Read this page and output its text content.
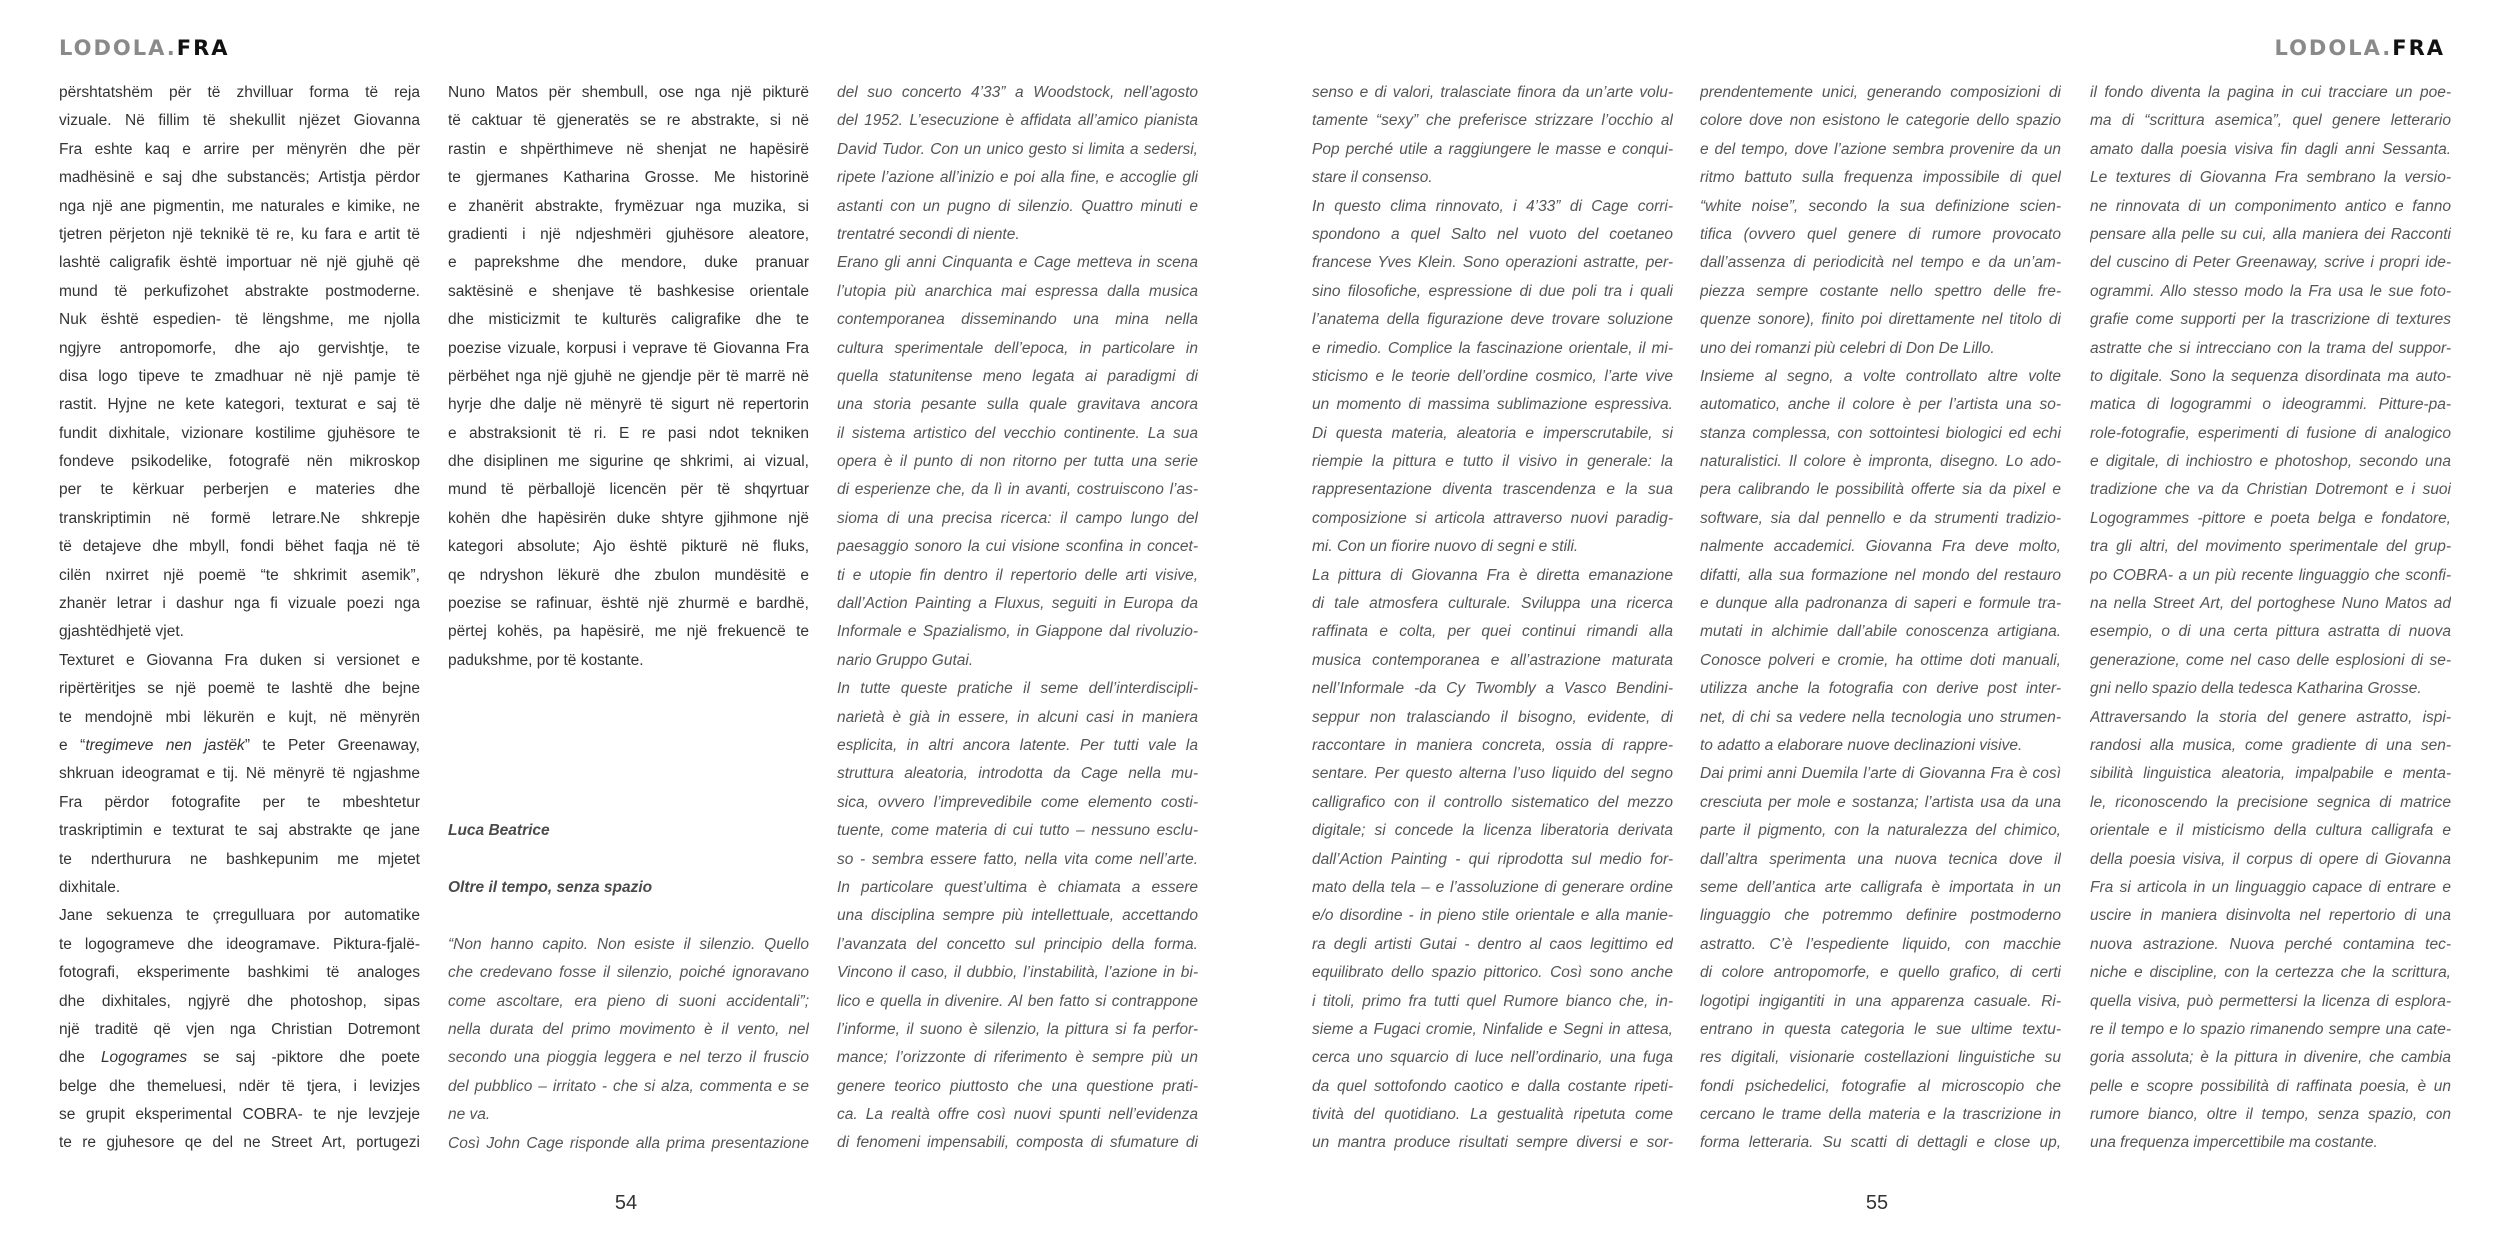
LODOLA.FRA	LODOLA.FRA
përshtatshëm për të zhvilluar forma të reja
vizuale. Në fillim të shekullit njëzet Giovanna
Fra eshte kaq e arrire per mënyrën dhe për
madhësinë e saj dhe substancës; Artistja përdor
nga një ane pigmentin, me naturales e kimike, ne
tjetren përjeton një teknikë të re, ku fara e artit të
lashtë caligrafik është importuar në një gjuhë që
mund të perkufizohet abstrakte postmoderne.
Nuk është espedien- të lëngshme, me njolla
ngjyre antropomorfe, dhe ajo gervishtje, te
disa logo tipeve te zmadhuar në një pamje të
rastit. Hyjne ne kete kategori, texturat e saj të
fundit dixhitale, vizionare kostilime gjuhësore te
fondeve psikodelike, fotografë nën mikroskop
per te kërkuar perberjen e materies dhe
transkriptimin në formë letrare.Ne shkrepje
të detajeve dhe mbyll, fondi bëhet faqja në të
cilën nxirret një poemë “te shkrimit asemik”,
zhanër letrar i dashur nga fi vizuale poezi nga
gjashtëdhjetë vjet.
Texturet e Giovanna Fra duken si versionet e
ripërtëritjes se një poemë te lashtë dhe bejne
te mendojnë mbi lëkurën e kujt, në mënyrën
e “tregimeve nen jastëk” te Peter Greenaway,
shkruan ideogramat e tij. Në mënyrë të ngjashme
Fra përdor fotografite per te mbeshtetur
traskriptimin e texturat te saj abstrakte qe jane
te nderthurura ne bashkepunim me mjetet
dixhitale.
Jane sekuenza te çrregulluara por automatike
te logogrameve dhe ideogramave. Piktura-fjalë-
fotografi, eksperimente bashkimi të analoges
dhe dixhitales, ngjyrë dhe photoshop, sipas
një traditë që vjen nga Christian Dotremont
dhe Logogrames se saj -piktore dhe poete
belge dhe themeluesi, ndër të tjera, i levizjes
se grupit eksperimental COBRA- te nje levzjeje
te re gjuhesore qe del ne Street Art, portugezi
Nuno Matos për shembull, ose nga një pikturë
të caktuar të gjeneratës se re abstrakte, si në
rastin e shpërthimeve në shenjat ne hapësirë
te gjermanes Katharina Grosse. Me historinë
e zhanërit abstrakte, frymëzuar nga muzika, si
gradienti i një ndjeshmëri gjuhësore aleatore,
e paprekshme dhe mendore, duke pranuar
saktësinë e shenjave të bashkesise orientale
dhe misticizmit te kulturës caligrafike dhe te
poezise vizuale, korpusi i veprave të Giovanna Fra
përbëhet nga një gjuhë ne gjendje për të marrë në
hyrje dhe dalje në mënyrë të sigurt në repertorin
e abstraksionit të ri. E re pasi ndot tekniken
dhe disiplinen me sigurine qe shkrimi, ai vizual,
mund të përballojë licencën për të shqyrtuar
kohën dhe hapësirën duke shtyre gjihmone një
kategori absolute; Ajo është pikturë në fluks,
qe ndryshon lëkurë dhe zbulon mundësitë e
poezise se rafinuar, është një zhurmë e bardhë,
përtej kohës, pa hapësirë, me një frekuencë te
padukshme, por të kostante.
Luca Beatrice
Oltre il tempo, senza spazio
“Non hanno capito. Non esiste il silenzio. Quello
che credevano fosse il silenzio, poiché ignoravano
come ascoltare, era pieno di suoni accidentali”;
nella durata del primo movimento è il vento, nel
secondo una pioggia leggera e nel terzo il fruscio
del pubblico – irritato - che si alza, commenta e se
ne va.
Così John Cage risponde alla prima presentazione
del suo concerto 4’33” a Woodstock, nell’agosto
del 1952. L’esecuzione è affidata all’amico pianista
David Tudor. Con un unico gesto si limita a sedersi,
ripete l’azione all’inizio e poi alla fine, e accoglie gli
astanti con un pugno di silenzio. Quattro minuti e
trentatré secondi di niente.
Erano gli anni Cinquanta e Cage metteva in scena
l’utopia più anarchica mai espressa dalla musica
contemporanea disseminando una mina nella
cultura sperimentale dell’epoca, in particolare in
quella statunitense meno legata ai paradigmi di
una storia pesante sulla quale gravitava ancora
il sistema artistico del vecchio continente. La sua
opera è il punto di non ritorno per tutta una serie
di esperienze che, da lì in avanti, costruiscono l’as-
sioma di una precisa ricerca: il campo lungo del
paesaggio sonoro la cui visione sconfina in concet-
ti e utopie fin dentro il repertorio delle arti visive,
dall’Action Painting a Fluxus, seguiti in Europa da
Informale e Spazialismo, in Giappone dal rivoluzio-
nario Gruppo Gutai.
In tutte queste pratiche il seme dell’interdiscipli-
narietà è già in essere, in alcuni casi in maniera
esplicita, in altri ancora latente. Per tutti vale la
struttura aleatoria, introdotta da Cage nella mu-
sica, ovvero l’imprevedibile come elemento costi-
tuente, come materia di cui tutto – nessuno esclu-
so - sembra essere fatto, nella vita come nell’arte.
In particolare quest’ultima è chiamata a essere
una disciplina sempre più intellettuale, accettando
l’avanzata del concetto sul principio della forma.
Vincono il caso, il dubbio, l’instabilità, l’azione in bi-
lico e quella in divenire. Al ben fatto si contrappone
l’informe, il suono è silenzio, la pittura si fa perfor-
mance; l’orizzonte di riferimento è sempre più un
genere teorico piuttosto che una questione prati-
ca. La realtà offre così nuovi spunti nell’evidenza
di fenomeni impensabili, composta di sfumature di
senso e di valori, tralasciate finora da un’arte volu-
tamente “sexy” che preferisce strizzare l’occhio al
Pop perché utile a raggiungere le masse e conqui-
stare il consenso.
In questo clima rinnovato, i 4’33” di Cage corri-
spondono a quel Salto nel vuoto del coetaneo
francese Yves Klein. Sono operazioni astratte, per-
sino filosofiche, espressione di due poli tra i quali
l’anatema della figurazione deve trovare soluzione
e rimedio. Complice la fascinazione orientale, il mi-
sticismo e le teorie dell’ordine cosmico, l’arte vive
un momento di massima sublimazione espressiva.
Di questa materia, aleatoria e imperscrutabile, si
riempie la pittura e tutto il visivo in generale: la
rappresentazione diventa trascendenza e la sua
composizione si articola attraverso nuovi paradig-
mi. Con un fiorire nuovo di segni e stili.
La pittura di Giovanna Fra è diretta emanazione
di tale atmosfera culturale. Sviluppa una ricerca
raffinata e colta, per quei continui rimandi alla
musica contemporanea e all’astrazione maturata
nell’Informale -da Cy Twombly a Vasco Bendini-
seppur non tralasciando il bisogno, evidente, di
raccontare in maniera concreta, ossia di rappre-
sentare. Per questo alterna l’uso liquido del segno
calligrafico con il controllo sistematico del mezzo
digitale; si concede la licenza liberatoria derivata
dall’Action Painting - qui riprodotta sul medio for-
mato della tela – e l’assoluzione di generare ordine
e/o disordine - in pieno stile orientale e alla manie-
ra degli artisti Gutai - dentro al caos legittimo ed
equilibrato dello spazio pittorico. Così sono anche
i titoli, primo fra tutti quel Rumore bianco che, in-
sieme a Fugaci cromie, Ninfalide e Segni in attesa,
cerca uno squarcio di luce nell’ordinario, una fuga
da quel sottofondo caotico e dalla costante ripeti-
tività del quotidiano. La gestualità ripetuta come
un mantra produce risultati sempre diversi e sor-
prendentemente unici, generando composizioni di
colore dove non esistono le categorie dello spazio
e del tempo, dove l’azione sembra provenire da un
ritmo battuto sulla frequenza impossibile di quel
“white noise”, secondo la sua definizione scien-
tifica (ovvero quel genere di rumore provocato
dall’assenza di periodicità nel tempo e da un’am-
piezza sempre costante nello spettro delle fre-
quenze sonore), finito poi direttamente nel titolo di
uno dei romanzi più celebri di Don De Lillo.
Insieme al segno, a volte controllato altre volte
automatico, anche il colore è per l’artista una so-
stanza complessa, con sottointesi biologici ed echi
naturalistici. Il colore è impronta, disegno. Lo ado-
pera calibrando le possibilità offerte sia da pixel e
software, sia dal pennello e da strumenti tradizio-
nalmente accademici. Giovanna Fra deve molto,
difatti, alla sua formazione nel mondo del restauro
e dunque alla padronanza di saperi e formule tra-
mutati in alchimie dall’abile conoscenza artigiana.
Conosce polveri e cromie, ha ottime doti manuali,
utilizza anche la fotografia con derive post inter-
net, di chi sa vedere nella tecnologia uno strumen-
to adatto a elaborare nuove declinazioni visive.
Dai primi anni Duemila l’arte di Giovanna Fra è così
cresciuta per mole e sostanza; l’artista usa da una
parte il pigmento, con la naturalezza del chimico,
dall’altra sperimenta una nuova tecnica dove il
seme dell’antica arte calligrafa è importata in un
linguaggio che potremmo definire postmoderno
astratto. C’è l’espediente liquido, con macchie
di colore antropomorfe, e quello grafico, di certi
logotipi ingigantiti in una apparenza casuale. Ri-
entrano in questa categoria le sue ultime textu-
res digitali, visionarie costellazioni linguistiche su
fondi psichedelici, fotografie al microscopio che
cercano le trame della materia e la trascrizione in
forma letteraria. Su scatti di dettagli e close up,
il fondo diventa la pagina in cui tracciare un poe-
ma di “scrittura asemica”, quel genere letterario
amato dalla poesia visiva fin dagli anni Sessanta.
Le textures di Giovanna Fra sembrano la versio-
ne rinnovata di un componimento antico e fanno
pensare alla pelle su cui, alla maniera dei Racconti
del cuscino di Peter Greenaway, scrive i propri ide-
ogrammi. Allo stesso modo la Fra usa le sue foto-
grafie come supporti per la trascrizione di textures
astratte che si intrecciano con la trama del suppor-
to digitale. Sono la sequenza disordinata ma auto-
matica di logogrammi o ideogrammi. Pitture-pa-
role-fotografie, esperimenti di fusione di analogico
e digitale, di inchiostro e photoshop, secondo una
tradizione che va da Christian Dotremont e i suoi
Logogrammes -pittore e poeta belga e fondatore,
tra gli altri, del movimento sperimentale del grup-
po COBRA- a un più recente linguaggio che sconfi-
na nella Street Art, del portoghese Nuno Matos ad
esempio, o di una certa pittura astratta di nuova
generazione, come nel caso delle esplosioni di se-
gni nello spazio della tedesca Katharina Grosse.
Attraversando la storia del genere astratto, ispi-
randosi alla musica, come gradiente di una sen-
sibilità linguistica aleatoria, impalpabile e menta-
le, riconoscendo la precisione segnica di matrice
orientale e il misticismo della cultura calligrafa e
della poesia visiva, il corpus di opere di Giovanna
Fra si articola in un linguaggio capace di entrare e
uscire in maniera disinvolta nel repertorio di una
nuova astrazione. Nuova perché contamina tec-
niche e discipline, con la certezza che la scrittura,
quella visiva, può permettersi la licenza di esplora-
re il tempo e lo spazio rimanendo sempre una cate-
goria assoluta; è la pittura in divenire, che cambia
pelle e scopre possibilità di raffinata poesia, è un
rumore bianco, oltre il tempo, senza spazio, con
una frequenza impercettibile ma costante.
54	55
